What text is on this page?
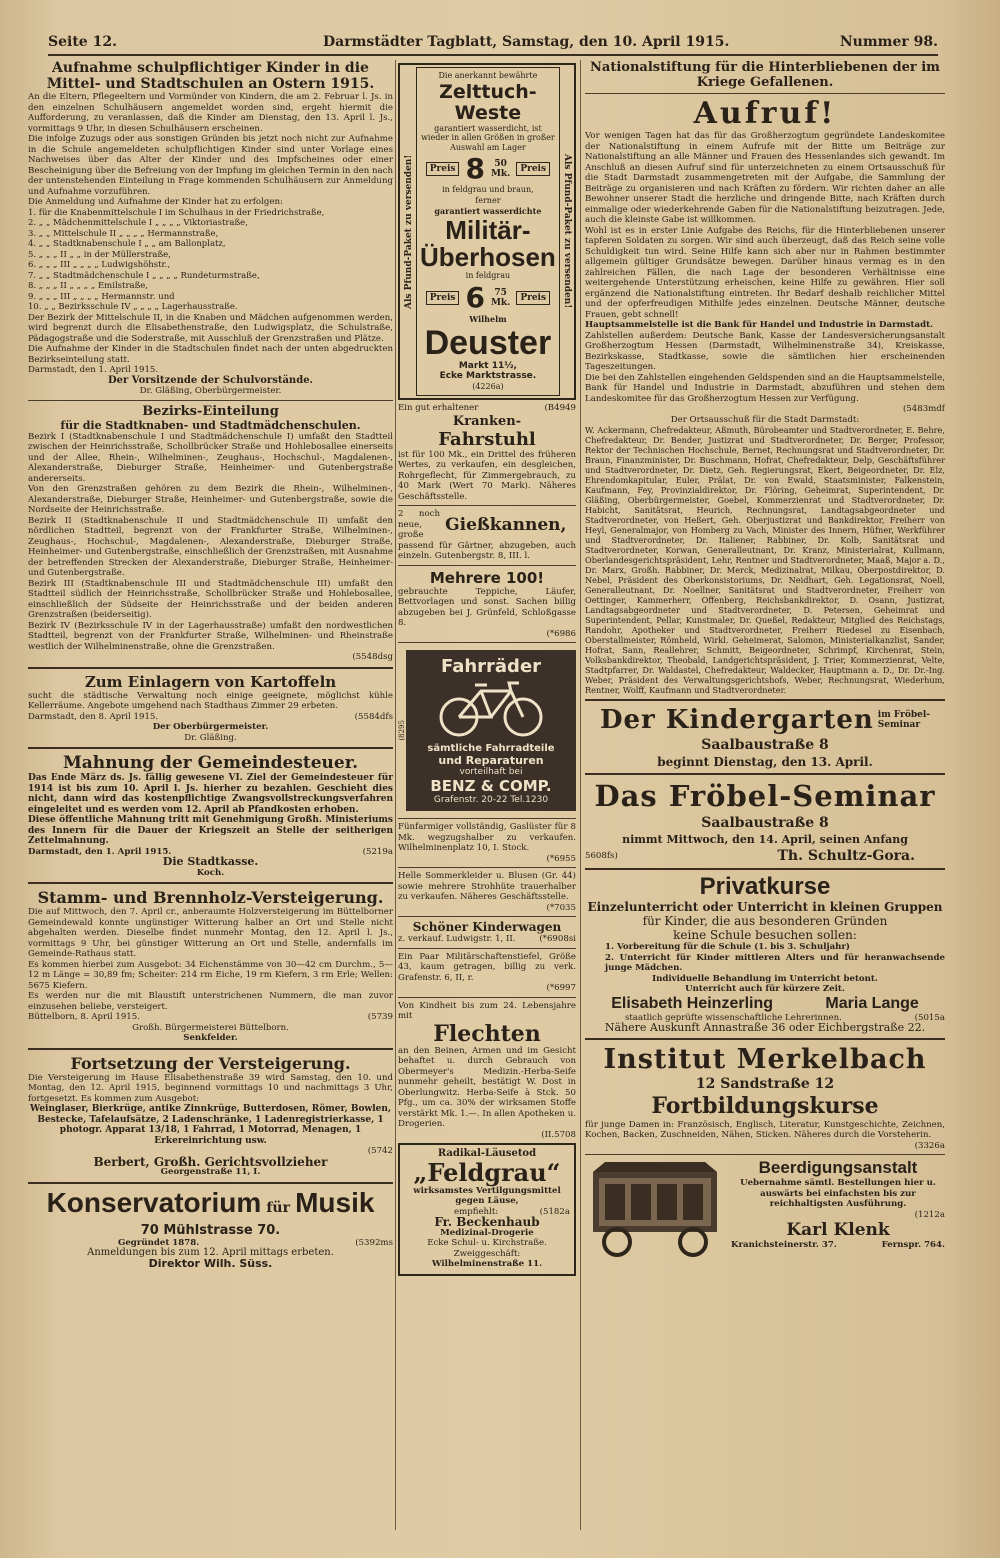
Seite 12.	Darmstädter Tagblatt, Samstag, den 10. April 1915.	Nummer 98.

Aufnahme schulpflichtiger Kinder in die Mittel- und Stadtschulen an Ostern 1915.

An die Eltern, Pflegeeltern und Vormünder von Kindern, die am 2. Februar l. Js. in den einzelnen Schulhäusern angemeldet worden sind, ergeht hiermit die Aufforderung, zu veranlassen, daß die Kinder am Dienstag, den 13. April l. Js., vormittags 9 Uhr, in diesen Schulhäusern erscheinen.

Die infolge Zuzugs oder aus sonstigen Gründen bis jetzt noch nicht zur Aufnahme in die Schule angemeldeten schulpflichtigen Kinder sind unter Vorlage eines Nachweises über das Alter der Kinder und des Impfscheines oder einer Bescheinigung über die Befreiung von der Impfung im gleichen Termin in den nach der untenstehenden Einteilung in Frage kommenden Schulhäusern zur Anmeldung und Aufnahme vorzuführen.

Die Anmeldung und Aufnahme der Kinder hat zu erfolgen:

1. für die Knabenmittelschule I im Schulhaus in der Friedrichstraße,
2. „ „ Mädchenmittelschule I „ „ „ „ Viktoriastraße,
3. „ „ Mittelschule II „ „ „ „ Hermannstraße,
4. „ „ Stadtknabenschule I „ „ am Ballonplatz,
5. „ „ „ II „ „ in der Müllerstraße,
6. „ „ „ III „ „ „ „ Ludwigshöhstr.,
7. „ „ Stadtmädchenschule I „ „ „ „ Rundeturmstraße,
8. „ „ „ II „ „ „ „ Emilstraße,
9. „ „ „ III „ „ „ „ Hermannstr. und
10. „ „ Bezirksschule IV „ „ „ „ Lagerhausstraße.

Der Bezirk der Mittelschule II, in die Knaben und Mädchen aufgenommen werden, wird begrenzt durch die Elisabethenstraße, den Ludwigsplatz, die Schulstraße, Pädagogstraße und die Soderstraße, mit Ausschluß der Grenzstraßen und Plätze.

Die Aufnahme der Kinder in die Stadtschulen findet nach der unten abgedruckten Bezirkseinteilung statt.

Darmstadt, den 1. April 1915.

Der Vorsitzende der Schulvorstände.

Dr. Gläßing, Oberbürgermeister.

Bezirks-Einteilung

für die Stadtknaben- und Stadtmädchenschulen.

Bezirk I (Stadtknabenschule I und Stadtmädchenschule I) umfaßt den Stadtteil zwischen der Heinrichsstraße, Schollbrücker Straße und Hohlebosallee einerseits und der Allee, Rhein-, Wilhelminen-, Zeughaus-, Hochschul-, Magdalenen-, Alexanderstraße, Dieburger Straße, Heinheimer- und Gutenbergstraße andererseits.

Von den Grenzstraßen gehören zu dem Bezirk die Rhein-, Wilhelminen-, Alexanderstraße, Dieburger Straße, Heinheimer- und Gutenbergstraße, sowie die Nordseite der Heinrichsstraße.

Bezirk II (Stadtknabenschule II und Stadtmädchenschule II) umfaßt den nördlichen Stadtteil, begrenzt von der Frankfurter Straße, Wilhelminen-, Zeughaus-, Hochschul-, Magdalenen-, Alexanderstraße, Dieburger Straße, Heinheimer- und Gutenbergstraße, einschließlich der Grenzstraßen, mit Ausnahme der betreffenden Strecken der Alexanderstraße, Dieburger Straße, Heinheimer- und Gutenbergstraße.

Bezirk III (Stadtknabenschule III und Stadtmädchenschule III) umfaßt den Stadtteil südlich der Heinrichsstraße, Schollbrücker Straße und Hohlebosallee, einschließlich der Südseite der Heinrichsstraße und der beiden anderen Grenzstraßen (beiderseitig).

Bezirk IV (Bezirksschule IV in der Lagerhausstraße) umfaßt den nordwestlichen Stadtteil, begrenzt von der Frankfurter Straße, Wilhelminen- und Rheinstraße westlich der Wilhelminenstraße, ohne die Grenzstraßen.

(5548dsg

Zum Einlagern von Kartoffeln

sucht die städtische Verwaltung noch einige geeignete, möglichst kühle Kellerräume. Angebote umgehend nach Stadthaus Zimmer 29 erbeten.

Darmstadt, den 8. April 1915.	(5584dfs

Der Oberbürgermeister.

Dr. Gläßing.

Mahnung der Gemeindesteuer.

Das Ende März ds. Js. fällig gewesene VI. Ziel der Gemeindesteuer für 1914 ist bis zum 10. April l. Js. hierher zu bezahlen. Geschieht dies nicht, dann wird das kostenpflichtige Zwangsvollstreckungsverfahren eingeleitet und es werden vom 12. April ab Pfandkosten erhoben.

Diese öffentliche Mahnung tritt mit Genehmigung Großh. Ministeriums des Innern für die Dauer der Kriegszeit an Stelle der seitherigen Zettelmahnung.

Darmstadt, den 1. April 1915.	(5219a

Die Stadtkasse.

Koch.

Stamm- und Brennholz-Versteigerung.

Die auf Mittwoch, den 7. April cr., anberaumte Holzversteigerung im Büttelborner Gemeindewald konnte ungünstiger Witterung halber an Ort und Stelle nicht abgehalten werden. Dieselbe findet nunmehr Montag, den 12. April l. Js., vormittags 9 Uhr, bei günstiger Witterung an Ort und Stelle, andernfalls im Gemeinde-Rathaus statt.

Es kommen hierbei zum Ausgebot: 34 Eichenstämme von 30—42 cm Durchm., 5—12 m Länge = 30,89 fm; Scheiter: 214 rm Eiche, 19 rm Kiefern, 3 rm Erle; Wellen: 5675 Kiefern.

Es werden nur die mit Blaustift unterstrichenen Nummern, die man zuvor einzusehen beliebe, versteigert.

Büttelborn, 8. April 1915.	(5739

Großh. Bürgermeisterei Büttelborn.

Senkfelder.

Fortsetzung der Versteigerung.

Die Versteigerung im Hause Elisabethenstraße 39 wird Samstag, den 10. und Montag, den 12. April 1915, beginnend vormittags 10 und nachmittags 3 Uhr, fortgesetzt. Es kommen zum Ausgebot:

Weinglaser, Bierkrüge, antike Zinnkrüge, Butterdosen, Römer, Bowlen, Bestecke, Tafelaufsätze, 2 Ladenschränke, 1 Ladenregistrierkasse, 1 photogr. Apparat 13/18, 1 Fahrrad, 1 Motorrad, Menagen, 1 Erkereinrichtung usw.

(5742

Berbert, Großh. Gerichtsvollzieher

Georgenstraße 11, I.

Konservatorium für Musik

70 Mühlstrasse 70.

Gegründet 1878.	(5392ms

Anmeldungen bis zum 12. April mittags erbeten.

Direktor Wilh. Süss.

Als Pfund-Paket zu versenden!

Die anerkannt bewährte

Zelttuch-

Weste

garantiert wasserdicht, ist wieder in allen Größen in großer Auswahl am Lager

Preis 8	50
Mk.	Preis

in feldgrau und braun,

ferner

garantiert wasserdichte

Militär-

Überhosen

in feldgrau

Preis 6	75
Mk.	Preis

Wilhelm

Deuster

Markt 11½,

Ecke Marktstrasse.

(4226a)

Als Pfund-Paket zu versenden!
Ein gut erhaltener	(B4949

Kranken-

Fahrstuhl

ist für 100 Mk., ein Drittel des früheren Wertes, zu verkaufen, ein desgleichen, Rohrgeflecht, für Zimmergebrauch, zu 40 Mark (Wert 70 Mark). Näheres Geschäftsstelle.

2 noch neue, große Gießkannen,

passend für Gärtner, abzugeben, auch einzeln. Gutenbergstr. 8, III. l.

Mehrere 100!

gebrauchte Teppiche, Läufer, Bettvorlagen und sonst. Sachen billig abzugeben bei J. Grünfeld, Schloßgasse 8.

(*6986

(8295

Fahrräder

sämtliche Fahrradteile

und Reparaturen

vorteilhaft bei

BENZ & COMP.

Grafenstr. 20-22 Tel.1230

Fünfarmiger vollständig, Gaslüster für 8 Mk. wegzugshalber zu verkaufen. Wilhelminenplatz 10, I. Stock.

(*6955

Helle Sommerkleider u. Blusen (Gr. 44) sowie mehrere Strohhüte trauerhalber zu verkaufen. Näheres Geschäftsstelle.

(*7035

Schöner Kinderwagen

z. verkauf. Ludwigstr. 1, II.	(*6908si

Ein Paar Militärschaftenstiefel, Größe 43, kaum getragen, billig zu verk. Grafenstr. 6, II, r.

(*6997

Von Kindheit bis zum 24. Lebensjahre mit

Flechten

an den Beinen, Armen und im Gesicht behaftet u. durch Gebrauch von Obermeyer's Medizin.-Herba-Seife nunmehr geheilt, bestätigt W. Dost in Oberlungwitz. Herba-Seife à Stck. 50 Pfg., um ca. 30% der wirksamen Stoffe verstärkt Mk. 1.—. In allen Apotheken u. Drogerien.

(II.5708

Radikal-Läusetod

„Feldgrau“

wirksamstes Vertilgungsmittel gegen Läuse,

empfiehlt:	(5182a

Fr. Beckenhaub

Medizinal-Drogerie

Ecke Schul- u. Kirchstraße.

Zweiggeschäft:

Wilhelminenstraße 11.

Nationalstiftung für die Hinterbliebenen der im Kriege Gefallenen.

Aufruf!

Vor wenigen Tagen hat das für das Großherzogtum gegründete Landeskomitee der Nationalstiftung in einem Aufrufe mit der Bitte um Beiträge zur Nationalstiftung an alle Männer und Frauen des Hessenlandes sich gewandt. Im Anschluß an diesen Aufruf sind für unterzeichneten zu einem Ortsausschuß für die Stadt Darmstadt zusammengetreten mit der Aufgabe, die Sammlung der Beiträge zu organisieren und nach Kräften zu fördern. Wir richten daher an alle Bewohner unserer Stadt die herzliche und dringende Bitte, nach Kräften durch einmalige oder wiederkehrende Gaben für die Nationalstiftung beizutragen. Jede, auch die kleinste Gabe ist willkommen.

Wohl ist es in erster Linie Aufgabe des Reichs, für die Hinterbliebenen unserer tapferen Soldaten zu sorgen. Wir sind auch überzeugt, daß das Reich seine volle Schuldigkeit tun wird. Seine Hilfe kann sich aber nur in Rahmen bestimmter allgemein gültiger Grundsätze bewegen. Darüber hinaus vermag es in den zahlreichen Fällen, die nach Lage der besonderen Verhältnisse eine weitergehende Unterstützung erheischen, keine Hilfe zu gewähren. Hier soll ergänzend die Nationalstiftung eintreten. Ihr Bedarf deshalb reichlicher Mittel und der opferfreudigen Mithilfe jedes einzelnen. Deutsche Männer, deutsche Frauen, gebt schnell!

Hauptsammelstelle ist die Bank für Handel und Industrie in Darmstadt.

Zahlstellen außerdem: Deutsche Bank, Kasse der Landesversicherungsanstalt Großherzogtum Hessen (Darmstadt, Wilhelminenstraße 34), Kreiskasse, Bezirkskasse, Stadtkasse, sowie die sämtlichen hier erscheinenden Tageszeitungen.

Die bei den Zahlstellen eingehenden Geldspenden sind an die Hauptsammelstelle, Bank für Handel und Industrie in Darmstadt, abzuführen und stehen dem Landeskomitee für das Großherzogtum Hessen zur Verfügung.

(5483mdf

Der Ortsausschuß für die Stadt Darmstadt:

W. Ackermann, Chefredakteur, Aßmuth, Bürobeamter und Stadtverordneter, E. Behre, Chefredakteur, Dr. Bender, Justizrat und Stadtverordneter, Dr. Berger, Professor, Rektor der Technischen Hochschule, Bernet, Rechnungsrat und Stadtverordneter, Dr. Braun, Finanzminister, Dr. Buschmann, Hofrat, Chefredakteur, Delp, Geschäftsführer und Stadtverordneter, Dr. Dietz, Geh. Regierungsrat, Ekert, Beigeordneter, Dr. Elz, Ehrendomkapitular, Euler, Prälat, Dr. von Ewald, Staatsminister, Falkenstein, Kaufmann, Fey, Provinzialdirektor, Dr. Flöring, Geheimrat, Superintendent, Dr. Gläßing, Oberbürgermeister, Goebel, Kommerzienrat und Stadtverordneter, Dr. Habicht, Sanitätsrat, Heurich, Rechnungsrat, Landtagsabgeordneter und Stadtverordneter, von Heßert, Geh. Oberjustizrat und Bankdirektor, Freiherr von Heyl, Generalmajor, von Homberg zu Vach, Minister des Innern, Hüfner, Werkführer und Stadtverordneter, Dr. Italiener, Rabbiner, Dr. Kolb, Sanitätsrat und Stadtverordneter, Korwan, Generalleutnant, Dr. Kranz, Ministerialrat, Kullmann, Oberlandesgerichtspräsident, Lehr, Rentner und Stadtverordneter, Maaß, Major a. D., Dr. Marx, Großh. Rabbiner, Dr. Merck, Medizinalrat, Milkau, Oberpostdirektor, D. Nebel, Präsident des Oberkonsistoriums, Dr. Neidhart, Geh. Legationsrat, Noell, Generalleutnant, Dr. Noellner, Sanitätsrat und Stadtverordneter, Freiherr von Oettinger, Kammerherr, Offenberg, Reichsbankdirektor, D. Osann, Justizrat, Landtagsabgeordneter und Stadtverordneter, D. Petersen, Geheimrat und Superintendent, Pellar, Kunstmaler, Dr. Queßel, Redakteur, Mitglied des Reichstags, Randohr, Apotheker und Stadtverordneter, Freiherr Riedesel zu Eisenbach, Oberstallmeister, Römheld, Wirkl. Geheimerat, Salomon, Ministerialkanzlist, Sander, Hofrat, Sann, Reallehrer, Schmitt, Beigeordneter, Schrimpf, Kirchenrat, Stein, Volksbankdirektor, Theobald, Landgerichtspräsident, J. Trier, Kommerzienrat, Velte, Stadtpfarrer, Dr. Waldastel, Chefredakteur, Waldecker, Hauptmann a. D., Dr. Dr.-Ing. Weber, Präsident des Verwaltungsgerichtshofs, Weber, Rechnungsrat, Wiederhum, Rentner, Wolff, Kaufmann und Stadtverordneter.

Der Kindergarten im Fröbel-
Seminar

Saalbaustraße 8

beginnt Dienstag, den 13. April.

Das Fröbel-Seminar

Saalbaustraße 8

nimmt Mittwoch, den 14. April, seinen Anfang

5608fs)	Th. Schultz-Gora.

Privatkurse

Einzelunterricht oder Unterricht in kleinen Gruppen

für Kinder, die aus besonderen Gründen

keine Schule besuchen sollen:

1. Vorbereitung für die Schule (1. bis 3. Schuljahr)

2. Unterricht für Kinder mittleren Alters und für heranwachsende junge Mädchen.

Individuelle Behandlung im Unterricht betont.

Unterricht auch für kürzere Zeit.

Elisabeth Heinzerling	Maria Lange
staatlich geprüfte wissenschaftliche Lehrerinnen.	(5015a

Nähere Auskunft Annastraße 36 oder Eichbergstraße 22.

Institut Merkelbach

12 Sandstraße 12

Fortbildungskurse

für junge Damen in: Französisch, Englisch, Literatur, Kunstgeschichte, Zeichnen, Kochen, Backen, Zuschneiden, Nähen, Sticken. Näheres durch die Vorsteherin.

(3326a

Beerdigungsanstalt

Uebernahme sämtl. Bestellungen hier u. auswärts bei einfachsten bis zur reichhaltigsten Ausführung.

(1212a

Karl Klenk

Kranichsteinerstr. 37.	Fernspr. 764.
